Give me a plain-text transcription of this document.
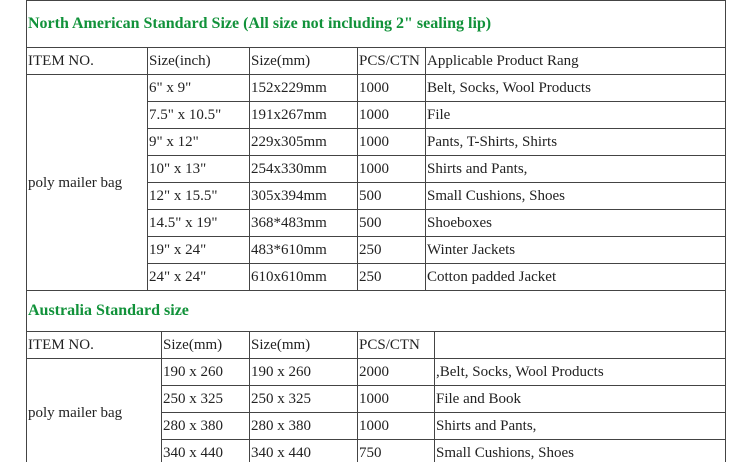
North American Standard Size (All size not including 2" sealing lip)				
ITEM NO.	Size(inch)	Size(mm)	PCS/CTN	Applicable Product Rang
poly mailer bag	6" x 9"	152x229mm	1000	Belt, Socks, Wool Products
	7.5" x 10.5"	191x267mm	1000	File
	9" x 12"	229x305mm	1000	Pants, T-Shirts, Shirts
	10" x 13"	254x330mm	1000	Shirts and Pants,
	12" x 15.5"	305x394mm	500	Small Cushions, Shoes
	14.5" x 19"	368*483mm	500	Shoeboxes
	19" x 24"	483*610mm	250	Winter Jackets
	24" x 24"	610x610mm	250	Cotton padded Jacket
Australia Standard size				
ITEM NO.	Size(mm)	Size(mm)	PCS/CTN	
poly mailer bag	190 x 260	190 x 260	2000	,Belt, Socks, Wool Products
	250 x 325	250 x 325	1000	File and Book
	280 x 380	280 x 380	1000	Shirts and Pants,
	340 x 440	340 x 440	750	Small Cushions, Shoes
